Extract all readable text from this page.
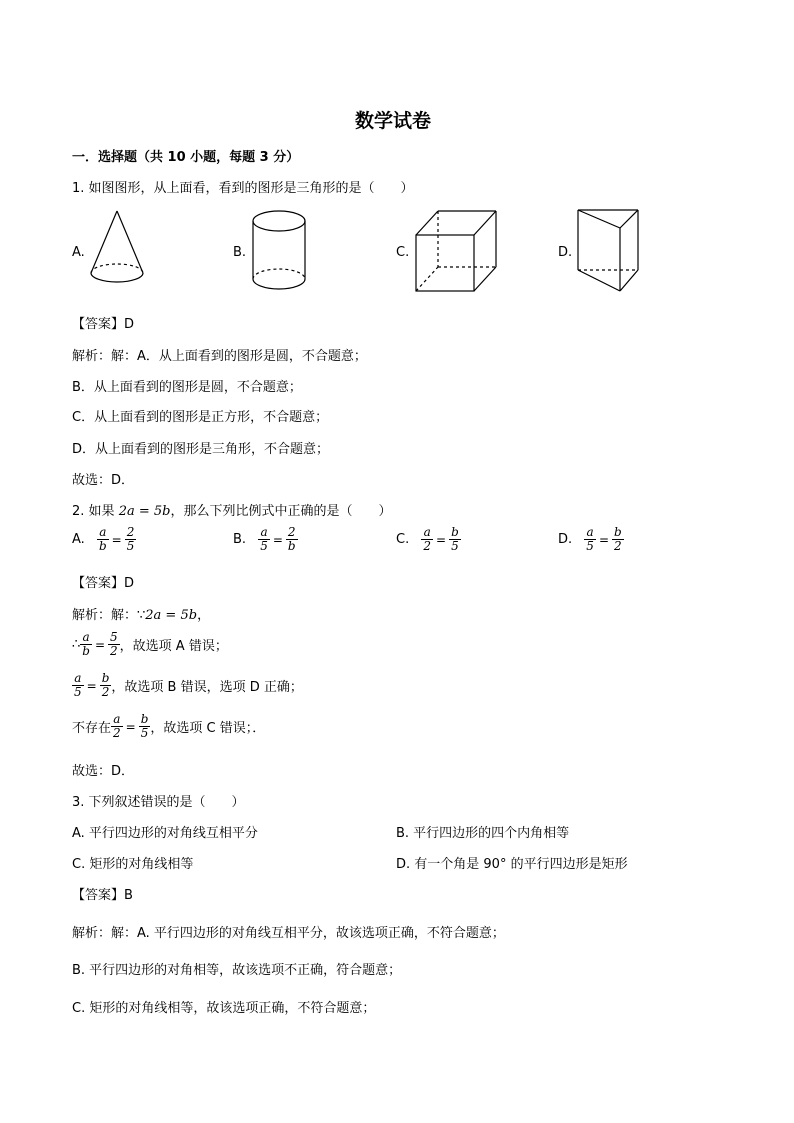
数学试卷
一．选择题（共 10 小题，每题 3 分）
1. 如图图形，从上面看，看到的图形是三角形的是（　　）
A.	B.	C.	D.
【答案】D
解析：解：A．从上面看到的图形是圆，不合题意；
B．从上面看到的图形是圆，不合题意；
C．从上面看到的图形是正方形，不合题意；
D．从上面看到的图形是三角形，不合题意；
故选：D．
2. 如果 2a = 5b，那么下列比例式中正确的是（　　）
A. $\frac{a}{b} = \frac{2}{5}$	B. $\frac{a}{5} = \frac{2}{b}$	C. $\frac{a}{2} = \frac{b}{5}$	D. $\frac{a}{5} = \frac{b}{2}$
【答案】D
解析：解：∵2a = 5b，
∴ $\frac{a}{b} = \frac{5}{2}$ ，故选项 A 错误；
$\frac{a}{5} = \frac{b}{2}$ ，故选项 B 错误，选项 D 正确；
不存在 $\frac{a}{2} = \frac{b}{5}$ ，故选项 C 错误；．
故选：D．
3. 下列叙述错误的是（　　）
A. 平行四边形的对角线互相平分	B. 平行四边形的四个内角相等
C. 矩形的对角线相等	D. 有一个角是 90° 的平行四边形是矩形
【答案】B
解析：解：A. 平行四边形的对角线互相平分，故该选项正确，不符合题意；
B. 平行四边形的对角相等，故该选项不正确，符合题意；
C. 矩形的对角线相等，故该选项正确，不符合题意；
